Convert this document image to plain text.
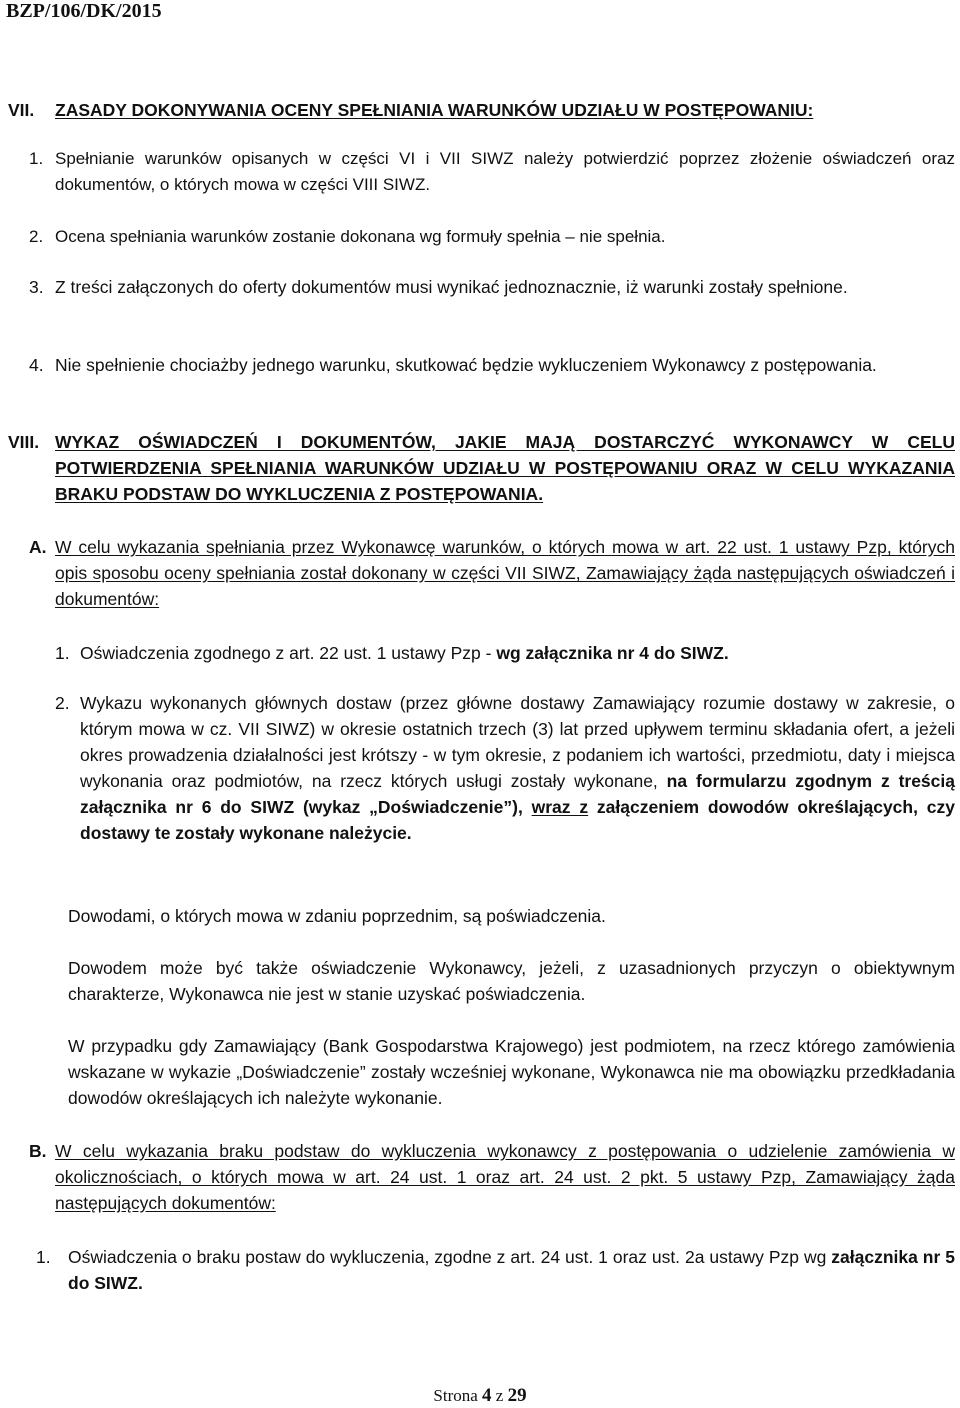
BZP/106/DK/2015
VII. ZASADY DOKONYWANIA OCENY SPEŁNIANIA WARUNKÓW UDZIAŁU W POSTĘPOWANIU:
1. Spełnianie warunków opisanych w części VI i VII SIWZ należy potwierdzić poprzez złożenie oświadczeń oraz dokumentów, o których mowa w części VIII SIWZ.
2. Ocena spełniania warunków zostanie dokonana wg formuły spełnia – nie spełnia.
3. Z treści załączonych do oferty dokumentów musi wynikać jednoznacznie, iż warunki zostały spełnione.
4. Nie spełnienie chociażby jednego warunku, skutkować będzie wykluczeniem Wykonawcy z postępowania.
VIII. WYKAZ OŚWIADCZEŃ I DOKUMENTÓW, JAKIE MAJĄ DOSTARCZYĆ WYKONAWCY W CELU POTWIERDZENIA SPEŁNIANIA WARUNKÓW UDZIAŁU W POSTĘPOWANIU ORAZ W CELU WYKAZANIA BRAKU PODSTAW DO WYKLUCZENIA Z POSTĘPOWANIA.
A. W celu wykazania spełniania przez Wykonawcę warunków, o których mowa w art. 22 ust. 1 ustawy Pzp, których opis sposobu oceny spełniania został dokonany w części VII SIWZ, Zamawiający żąda następujących oświadczeń i dokumentów:
1. Oświadczenia zgodnego z art. 22 ust. 1 ustawy Pzp - wg załącznika nr 4 do SIWZ.
2. Wykazu wykonanych głównych dostaw (przez główne dostawy Zamawiający rozumie dostawy w zakresie, o którym mowa w cz. VII SIWZ) w okresie ostatnich trzech (3) lat przed upływem terminu składania ofert, a jeżeli okres prowadzenia działalności jest krótszy - w tym okresie, z podaniem ich wartości, przedmiotu, daty i miejsca wykonania oraz podmiotów, na rzecz których usługi zostały wykonane, na formularzu zgodnym z treścią załącznika nr 6 do SIWZ (wykaz „Doświadczenie”), wraz z załączeniem dowodów określających, czy dostawy te zostały wykonane należycie.
Dowodami, o których mowa w zdaniu poprzednim, są poświadczenia.
Dowodem może być także oświadczenie Wykonawcy, jeżeli, z uzasadnionych przyczyn o obiektywnym charakterze, Wykonawca nie jest w stanie uzyskać poświadczenia.
W przypadku gdy Zamawiający (Bank Gospodarstwa Krajowego) jest podmiotem, na rzecz którego zamówienia wskazane w wykazie „Doświadczenie” zostały wcześniej wykonane, Wykonawca nie ma obowiązku przedkładania dowodów określających ich należyte wykonanie.
B. W celu wykazania braku podstaw do wykluczenia wykonawcy z postępowania o udzielenie zamówienia w okolicznościach, o których mowa w art. 24 ust. 1 oraz art. 24 ust. 2 pkt. 5 ustawy Pzp, Zamawiający żąda następujących dokumentów:
1. Oświadczenia o braku postaw do wykluczenia, zgodne z art. 24 ust. 1 oraz ust. 2a ustawy Pzp wg załącznika nr 5 do SIWZ.
Strona 4 z 29
